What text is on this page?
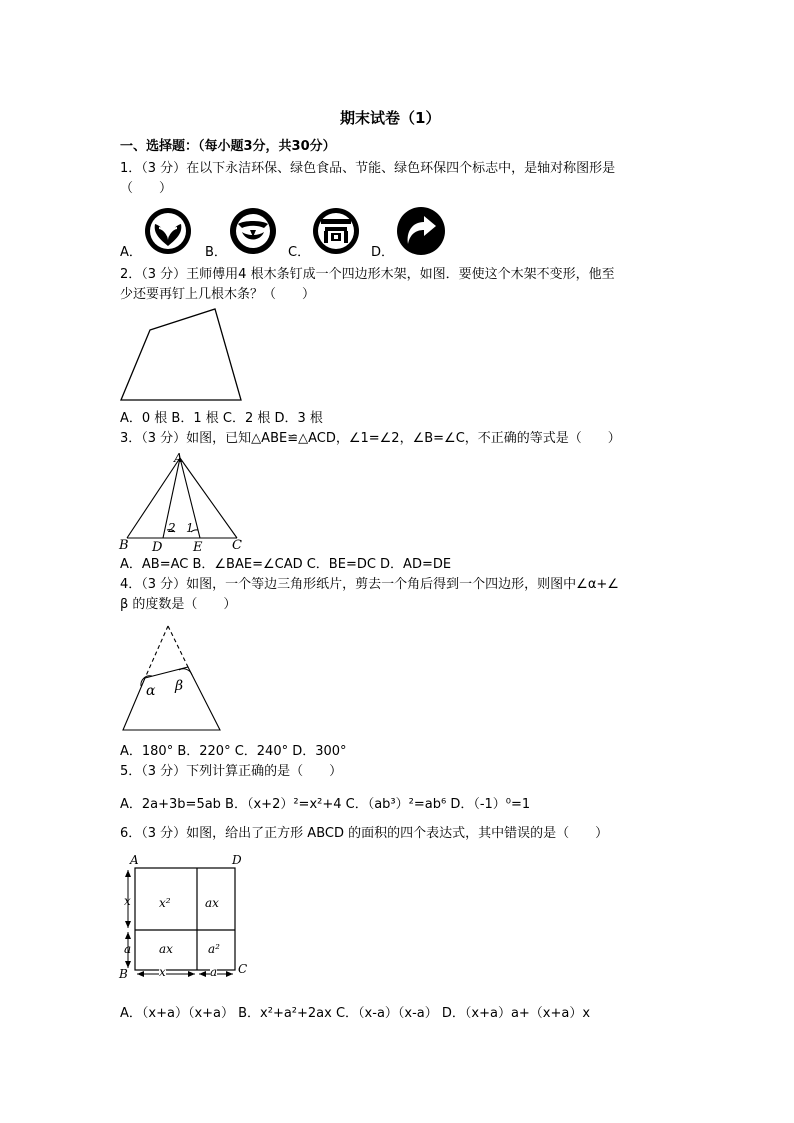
期末试卷（1）
一、选择题：（每小题3分，共30分）
1．（3 分）在以下永洁环保、绿色食品、节能、绿色环保四个标志中，是轴对称图形是
（　　）
A．	B．	C．	D．
2．（3 分）王师傅用4 根木条钉成一个四边形木架，如图．要使这个木架不变形，他至
少还要再钉上几根木条？（　　）
A．0 根 B．1 根 C．2 根 D．3 根
3．（3 分）如图，已知△ABE≌△ACD，∠1=∠2，∠B=∠C，不正确的等式是（　　）
A
2 1
B D E C
A．AB=AC B．∠BAE=∠CAD C．BE=DC D．AD=DE
4．（3 分）如图，一个等边三角形纸片，剪去一个角后得到一个四边形，则图中∠α+∠
β 的度数是（　　）
α β
A．180° B．220° C．240° D．300°
5．（3 分）下列计算正确的是（　　）
A．2a+3b=5ab B．（x+2）²=x²+4 C．（ab³）²=ab⁶ D．（-1）⁰=1
6．（3 分）如图，给出了正方形 ABCD 的面积的四个表达式，其中错误的是（　　）
A	D
x²	ax
ax	a²
x
a
B	x	a C
A．（x+a）（x+a） B．x²+a²+2ax C．（x-a）（x-a） D．（x+a）a+（x+a）x
